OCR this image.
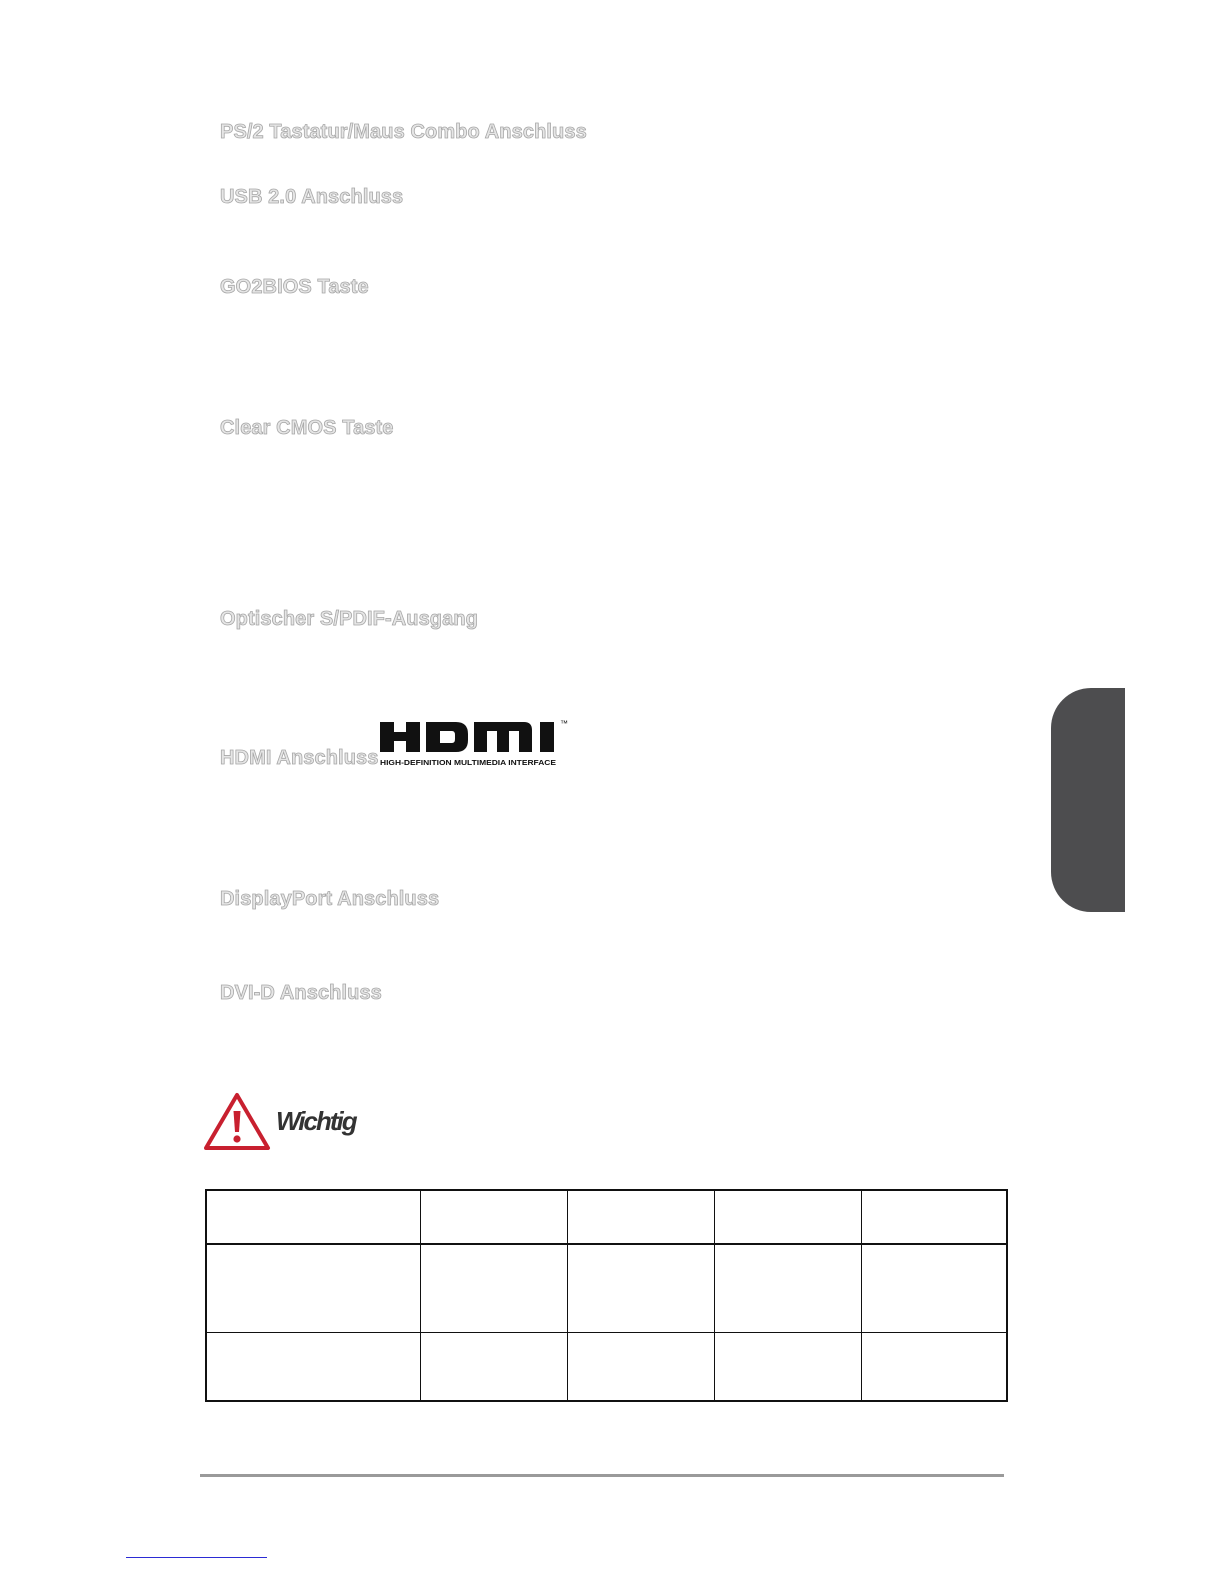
PS/2 Tastatur/Maus Combo Anschluss
USB 2.0 Anschluss
GO2BIOS Taste
Clear CMOS Taste
Optischer S/PDIF-Ausgang
HDMI Anschluss
DisplayPort Anschluss
DVI-D Anschluss
™
HIGH-DEFINITION MULTIMEDIA INTERFACE

Wichtig
